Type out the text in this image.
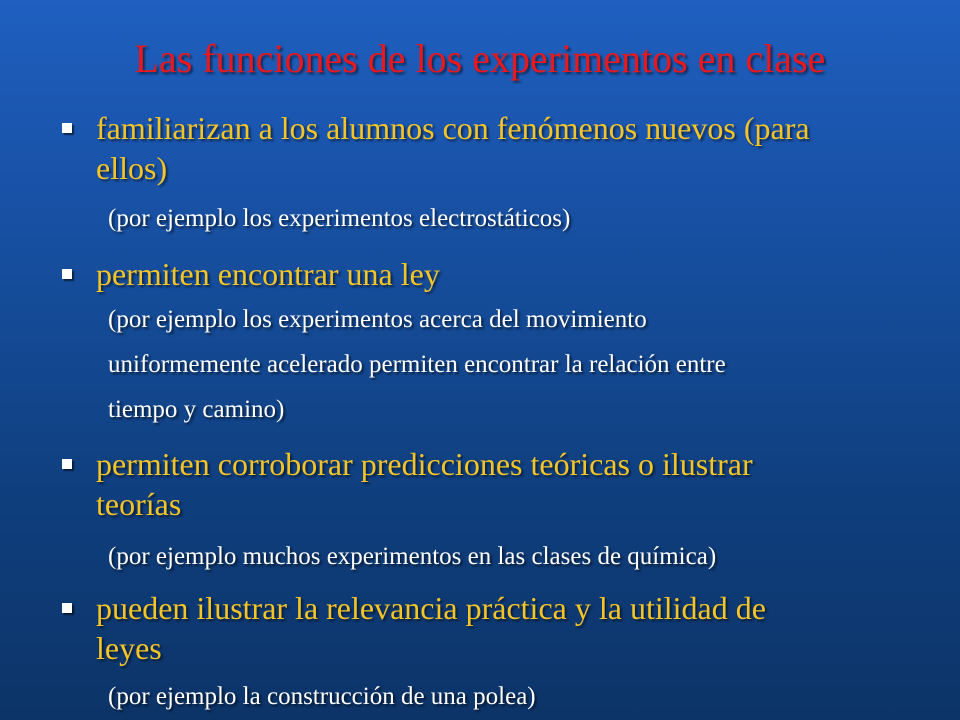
Las funciones de los experimentos en clase
familiarizan a los alumnos con fenómenos nuevos (para
ellos)
(por ejemplo los experimentos electrostáticos)
permiten encontrar una ley
(por ejemplo los experimentos acerca del movimiento
uniformemente acelerado permiten encontrar la relación entre
tiempo y camino)
permiten corroborar predicciones teóricas o ilustrar
teorías
(por ejemplo muchos experimentos en las clases de química)
pueden ilustrar la relevancia práctica y la utilidad de
leyes
(por ejemplo la construcción de una polea)
